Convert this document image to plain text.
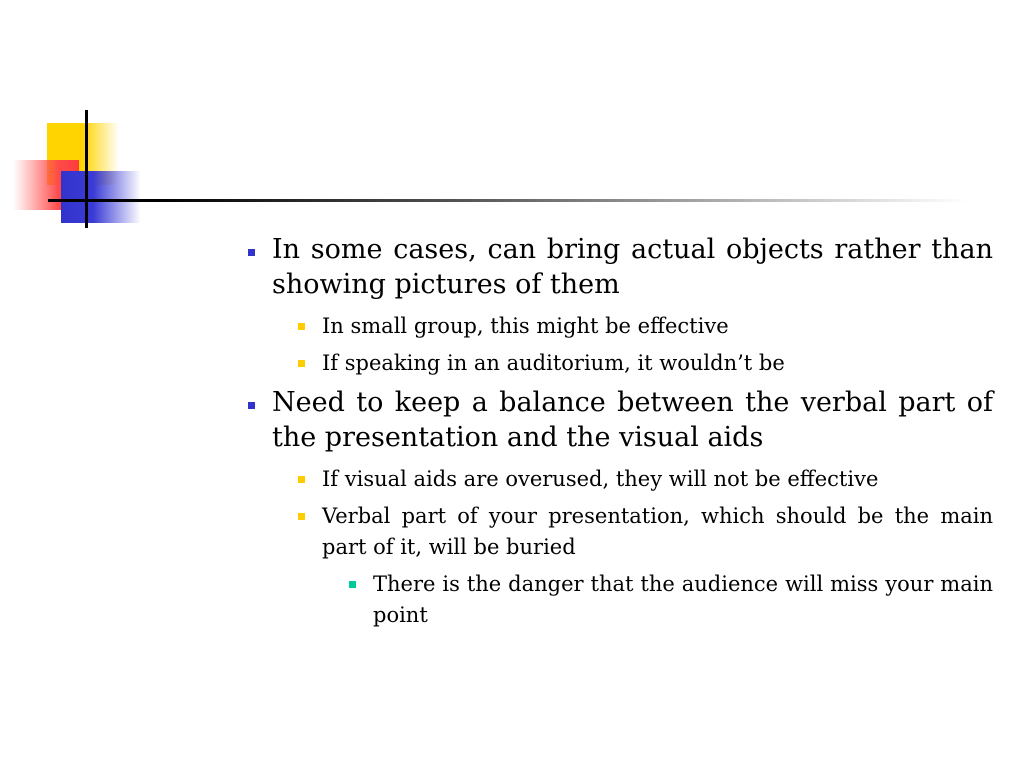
In some cases, can bring actual objects rather than showing pictures of them
In small group, this might be effective
If speaking in an auditorium, it wouldn’t be
Need to keep a balance between the verbal part of the presentation and the visual aids
If visual aids are overused, they will not be effective
Verbal part of your presentation, which should be the main part of it, will be buried
There is the danger that the audience will miss your main point
